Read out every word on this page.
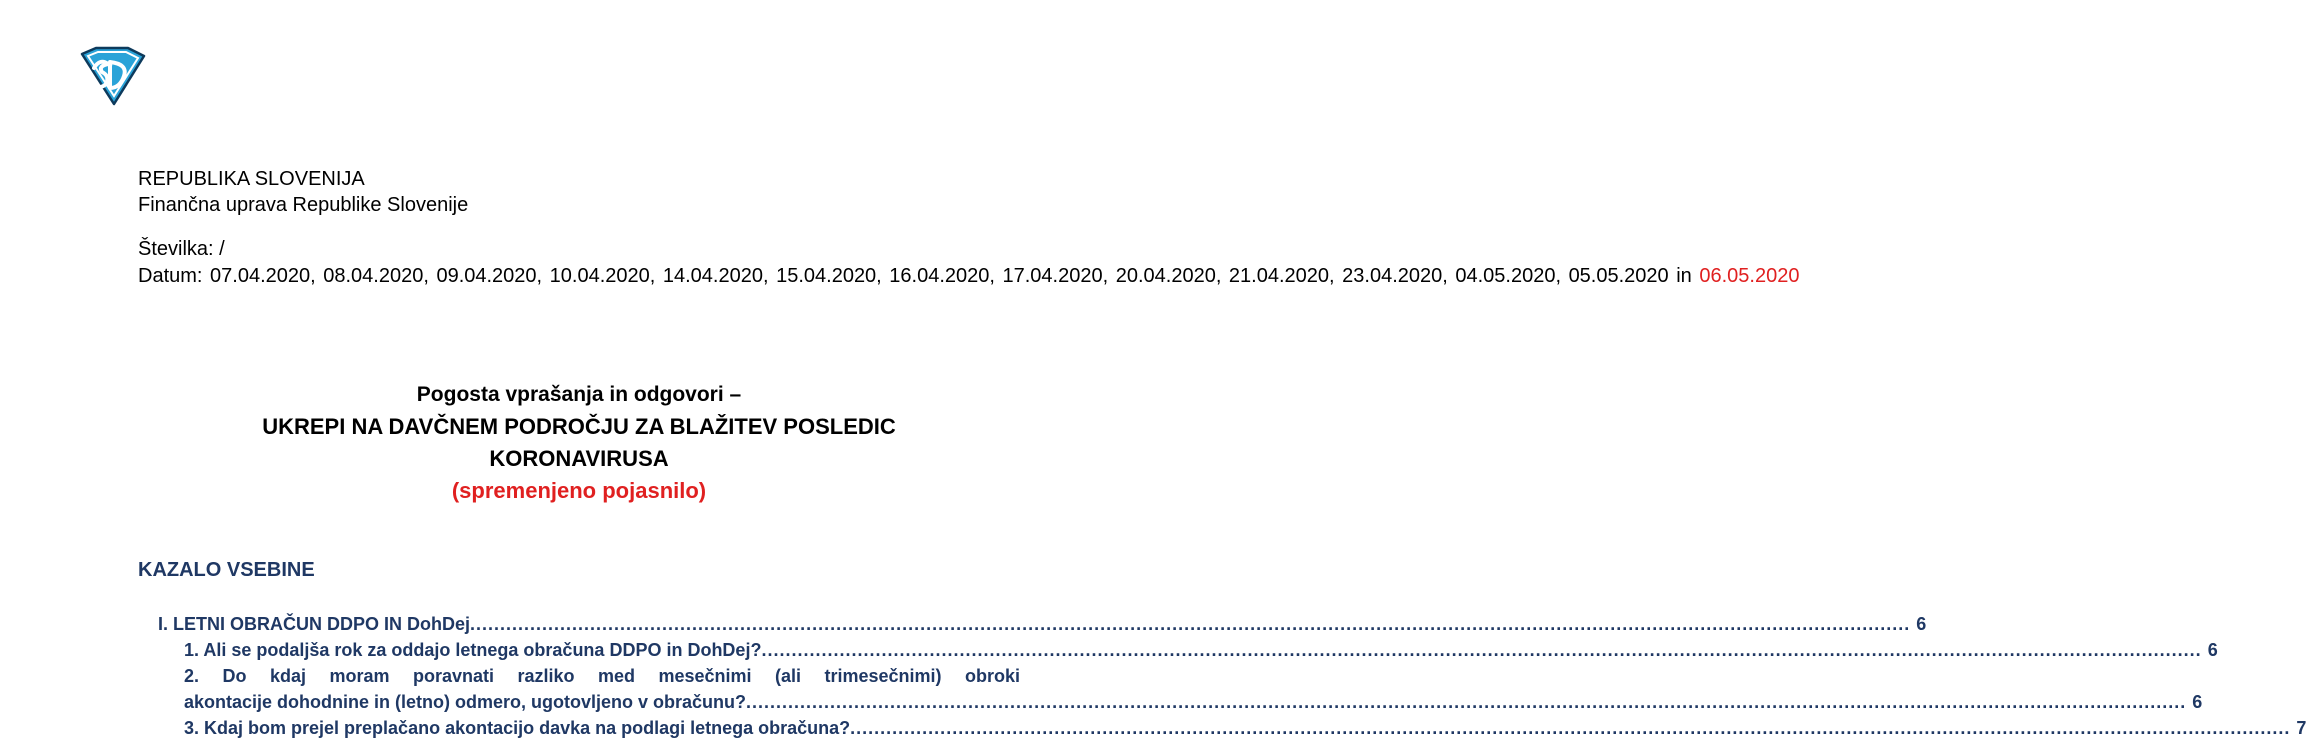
REPUBLIKA SLOVENIJA
Finančna uprava Republike Slovenije
Številka: /
Datum: 07.04.2020, 08.04.2020, 09.04.2020, 10.04.2020, 14.04.2020, 15.04.2020, 16.04.2020, 17.04.2020, 20.04.2020, 21.04.2020, 23.04.2020, 04.05.2020, 05.05.2020 in 06.05.2020
Pogosta vprašanja in odgovori –
UKREPI NA DAVČNEM PODROČJU ZA BLAŽITEV POSLEDIC
KORONAVIRUSA
(spremenjeno pojasnilo)
KAZALO VSEBINE
I. LETNI OBRAČUN DDPO IN DohDej .....	6
1. Ali se podaljša rok za oddajo letnega obračuna DDPO in DohDej? .....	6
2. Do kdaj moram poravnati razliko med mesečnimi (ali trimesečnimi) obroki
akontacije dohodnine in (letno) odmero, ugotovljeno v obračunu? .....	6
3. Kdaj bom prejel preplačano akontacijo davka na podlagi letnega obračuna? .....	7
